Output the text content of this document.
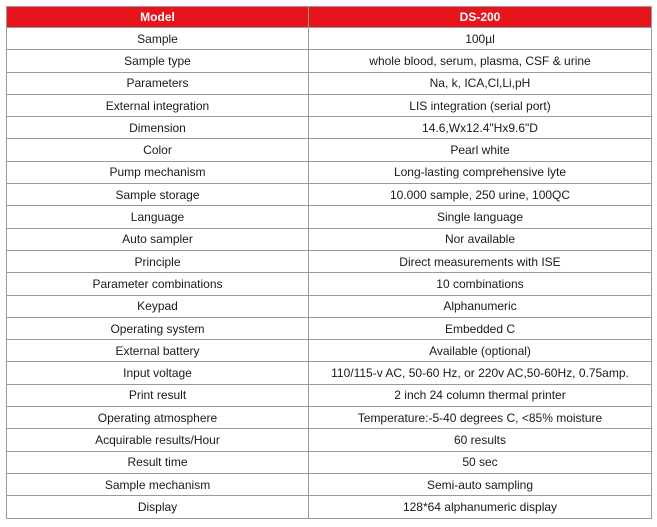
Model	DS-200
Sample	100µl
Sample type	whole blood, serum, plasma, CSF & urine
Parameters	Na, k, ICA,Cl,Li,pH
External integration	LIS integration (serial port)
Dimension	14.6,Wx12.4"Hx9.6"D
Color	Pearl white
Pump mechanism	Long-lasting comprehensive lyte
Sample storage	10.000 sample, 250 urine, 100QC
Language	Single language
Auto sampler	Nor available
Principle	Direct measurements with ISE
Parameter combinations	10 combinations
Keypad	Alphanumeric
Operating system	Embedded C
External battery	Available (optional)
Input voltage	110/115-v AC, 50-60 Hz, or 220v AC,50-60Hz, 0.75amp.
Print result	2 inch 24 column thermal printer
Operating atmosphere	Temperature:-5-40 degrees C, <85% moisture
Acquirable results/Hour	60 results
Result time	50 sec
Sample mechanism	Semi-auto sampling
Display	128*64 alphanumeric display
